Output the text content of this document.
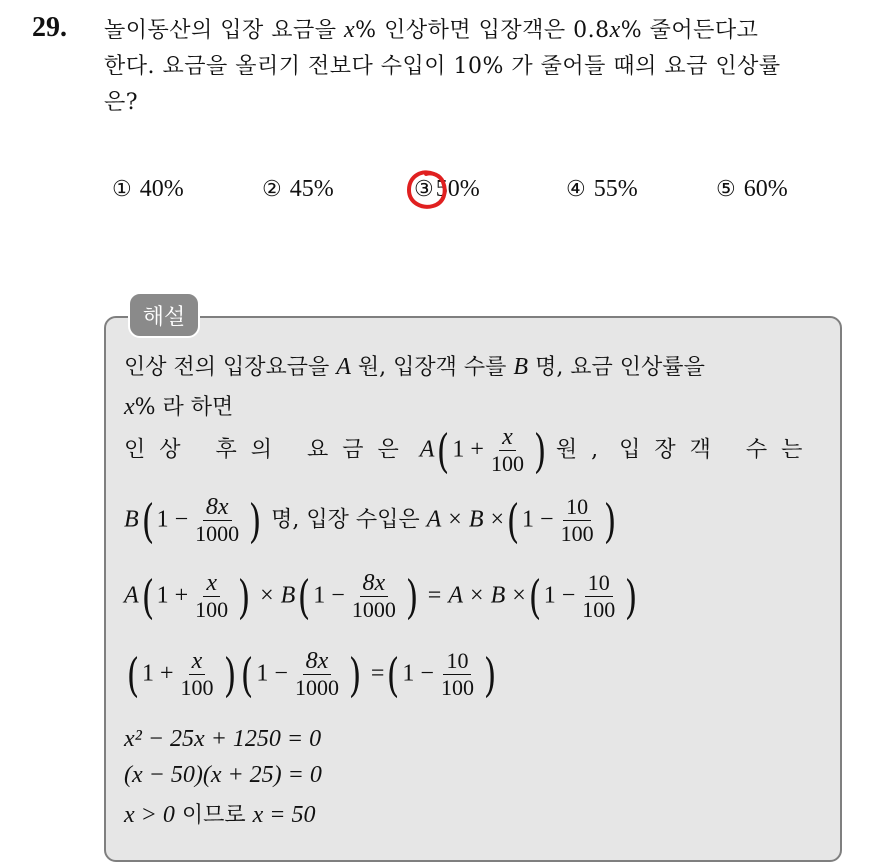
29. 놀이동산의 입장 요금을 x% 인상하면 입장객은 0.8x% 줄어든다고
한다. 요금을 올리기 전보다 수입이 10% 가 줄어들 때의 요금 인상률
은?
① 40%	② 45%	③50%	④ 55%	⑤ 60%
해설
인상 전의 입장요금을 A 원, 입장객 수를 B 명, 요금 인상률을
x% 라 하면
인상 후의 요금은 A( $1 + \frac{x}{100}$ ) 원, 입장객 수는
B( $1 - \frac{8x}{1000}$ ) 명, 입장 수입은 A × B ×( $1 - \frac{10}{100}$ )
A( $1 + \frac{x}{100}$ ) × B( $1 - \frac{8x}{1000}$ ) = A × B ×( $1 - \frac{10}{100}$ )
( $1 + \frac{x}{100}$ ) ( $1 - \frac{8x}{1000}$ ) =( $1 - \frac{10}{100}$ )
x² − 25x + 1250 = 0
(x − 50)(x + 25) = 0
x > 0 이므로 x = 50
